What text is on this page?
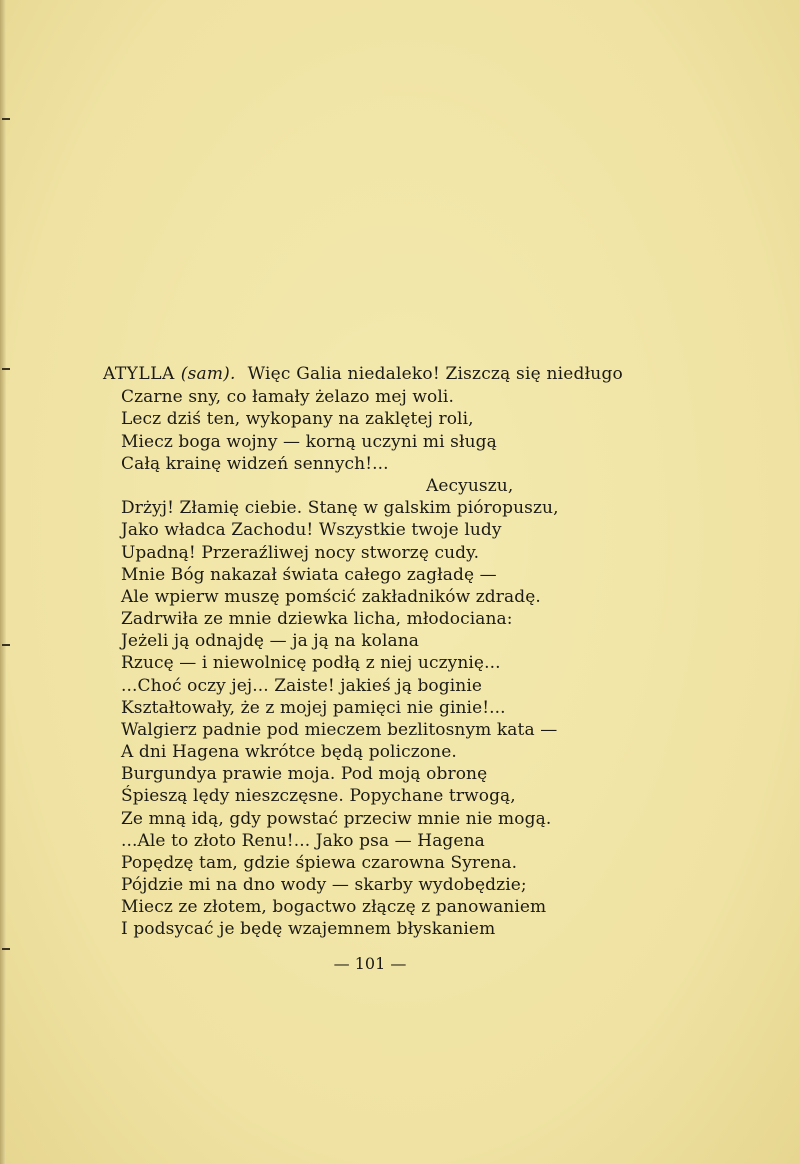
ATYLLA (sam). Więc Galia niedaleko! Ziszczą się niedługo
Czarne sny, co łamały żelazo mej woli.
Lecz dziś ten, wykopany na zaklętej roli,
Miecz boga wojny — korną uczyni mi sługą
Całą krainę widzeń sennych!...
Aecyuszu,
Drżyj! Złamię ciebie. Stanę w galskim pióropuszu,
Jako władca Zachodu! Wszystkie twoje ludy
Upadną! Przeraźliwej nocy stworzę cudy.
Mnie Bóg nakazał świata całego zagładę —
Ale wpierw muszę pomścić zakładników zdradę.
Zadrwiła ze mnie dziewka licha, młodociana:
Jeżeli ją odnajdę — ja ją na kolana
Rzucę — i niewolnicę podłą z niej uczynię...
...Choć oczy jej... Zaiste! jakieś ją boginie
Kształtowały, że z mojej pamięci nie ginie!...
Walgierz padnie pod mieczem bezlitosnym kata —
A dni Hagena wkrótce będą policzone.
Burgundya prawie moja. Pod moją obronę
Śpieszą lędy nieszczęsne. Popychane trwogą,
Ze mną idą, gdy powstać przeciw mnie nie mogą.
...Ale to złoto Renu!... Jako psa — Hagena
Popędzę tam, gdzie śpiewa czarowna Syrena.
Pójdzie mi na dno wody — skarby wydobędzie;
Miecz ze złotem, bogactwo złączę z panowaniem
I podsycać je będę wzajemnem błyskaniem
— 101 —
